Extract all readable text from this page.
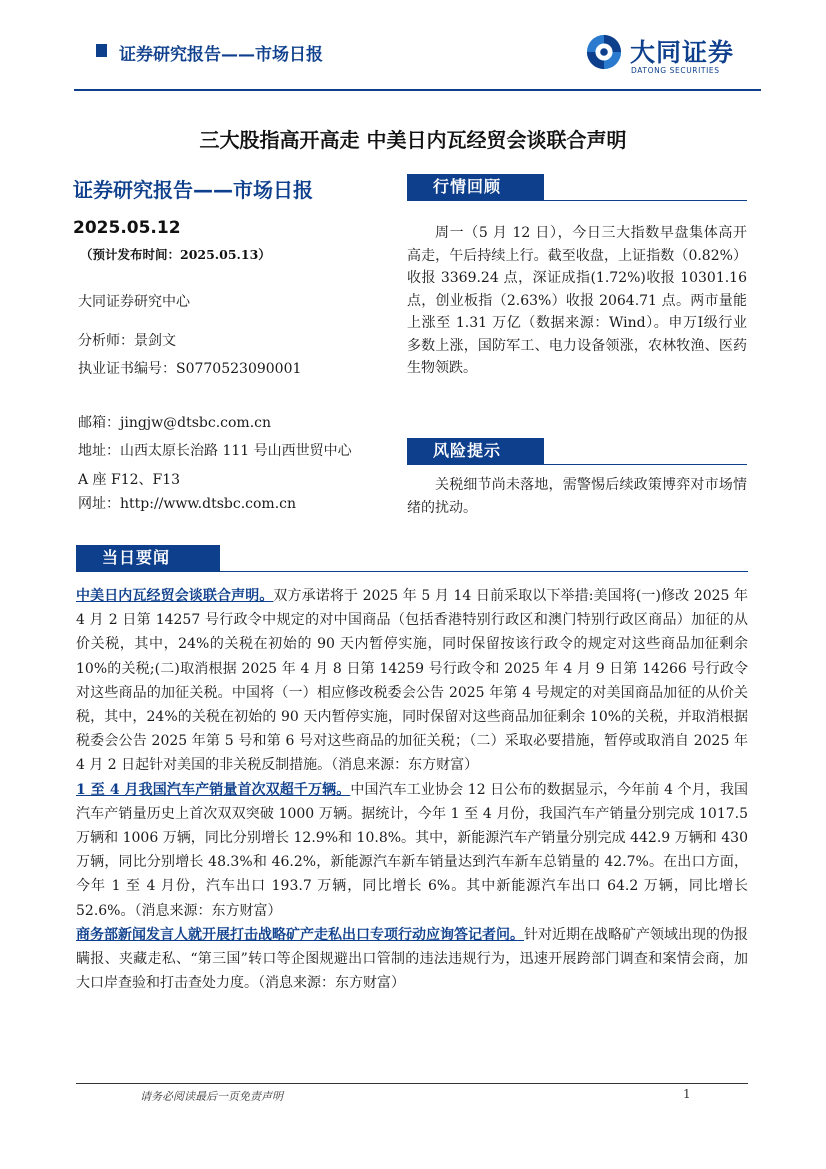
证券研究报告——市场日报	大同证券
DATONG SECURITIES
三大股指高开高走 中美日内瓦经贸会谈联合声明
证券研究报告——市场日报
2025.05.12
（预计发布时间：2025.05.13）
大同证券研究中心
分析师：景剑文
执业证书编号：S0770523090001
邮箱：jingjw@dtsbc.com.cn
地址：山西太原长治路 111 号山西世贸中心
A 座 F12、F13
网址：http://www.dtsbc.com.cn
行情回顾
周一（5 月 12 日），今日三大指数早盘集体高开高走，午后持续上行。截至收盘，上证指数（0.82%）收报 3369.24 点，深证成指(1.72%)收报 10301.16 点，创业板指（2.63%）收报 2064.71 点。两市量能上涨至 1.31 万亿（数据来源：Wind）。申万Ⅰ级行业多数上涨，国防军工、电力设备领涨，农林牧渔、医药生物领跌。
风险提示
关税细节尚未落地，需警惕后续政策博弈对市场情绪的扰动。
当日要闻
中美日内瓦经贸会谈联合声明。双方承诺将于 2025 年 5 月 14 日前采取以下举措:美国将(一)修改 2025 年 4 月 2 日第 14257 号行政令中规定的对中国商品（包括香港特别行政区和澳门特别行政区商品）加征的从价关税，其中，24%的关税在初始的 90 天内暂停实施，同时保留按该行政令的规定对这些商品加征剩余 10%的关税;(二)取消根据 2025 年 4 月 8 日第 14259 号行政令和 2025 年 4 月 9 日第 14266 号行政令对这些商品的加征关税。中国将（一）相应修改税委会公告 2025 年第 4 号规定的对美国商品加征的从价关税，其中，24%的关税在初始的 90 天内暂停实施，同时保留对这些商品加征剩余 10%的关税，并取消根据税委会公告 2025 年第 5 号和第 6 号对这些商品的加征关税；（二）采取必要措施，暂停或取消自 2025 年 4 月 2 日起针对美国的非关税反制措施。（消息来源：东方财富）
1 至 4 月我国汽车产销量首次双超千万辆。中国汽车工业协会 12 日公布的数据显示，今年前 4 个月，我国汽车产销量历史上首次双双突破 1000 万辆。据统计，今年 1 至 4 月份，我国汽车产销量分别完成 1017.5 万辆和 1006 万辆，同比分别增长 12.9%和 10.8%。其中，新能源汽车产销量分别完成 442.9 万辆和 430 万辆，同比分别增长 48.3%和 46.2%，新能源汽车新车销量达到汽车新车总销量的 42.7%。在出口方面，今年 1 至 4 月份，汽车出口 193.7 万辆，同比增长 6%。其中新能源汽车出口 64.2 万辆，同比增长 52.6%。（消息来源：东方财富）
商务部新闻发言人就开展打击战略矿产走私出口专项行动应询答记者问。针对近期在战略矿产领域出现的伪报瞒报、夹藏走私、“第三国”转口等企图规避出口管制的违法违规行为，迅速开展跨部门调查和案情会商，加大口岸查验和打击查处力度。（消息来源：东方财富）
请务必阅读最后一页免责声明	1
